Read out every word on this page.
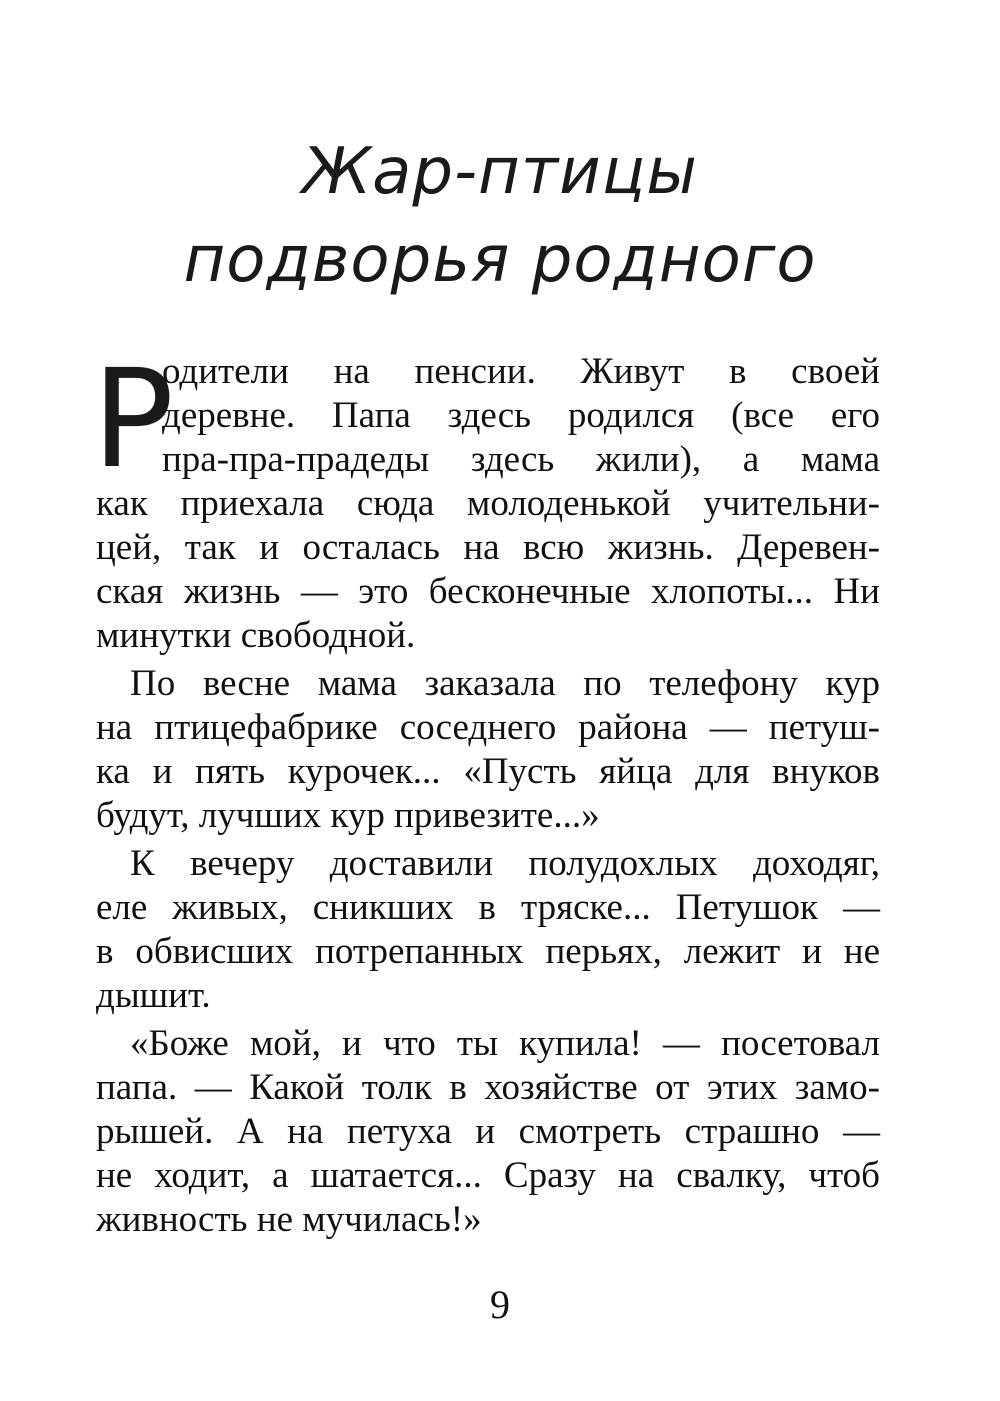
Жар-птицы
подворья родного
Р

одители на пенсии. Живут в своей

деревне. Папа здесь родился (все его

пра-пра-прадеды здесь жили), а мама

как приехала сюда молоденькой учительни-

цей, так и осталась на всю жизнь. Деревен-

ская жизнь — это бесконечные хлопоты... Ни

минутки свободной.

По весне мама заказала по телефону кур

на птицефабрике соседнего района — петуш-

ка и пять курочек... «Пусть яйца для внуков

будут, лучших кур привезите...»

К вечеру доставили полудохлых доходяг,

еле живых, сникших в тряске... Петушок —

в обвисших потрепанных перьях, лежит и не

дышит.

«Боже мой, и что ты купила! — посетовал

папа. — Какой толк в хозяйстве от этих замо-

рышей. А на петуха и смотреть страшно —

не ходит, а шатается... Сразу на свалку, чтоб

живность не мучилась!»

9
